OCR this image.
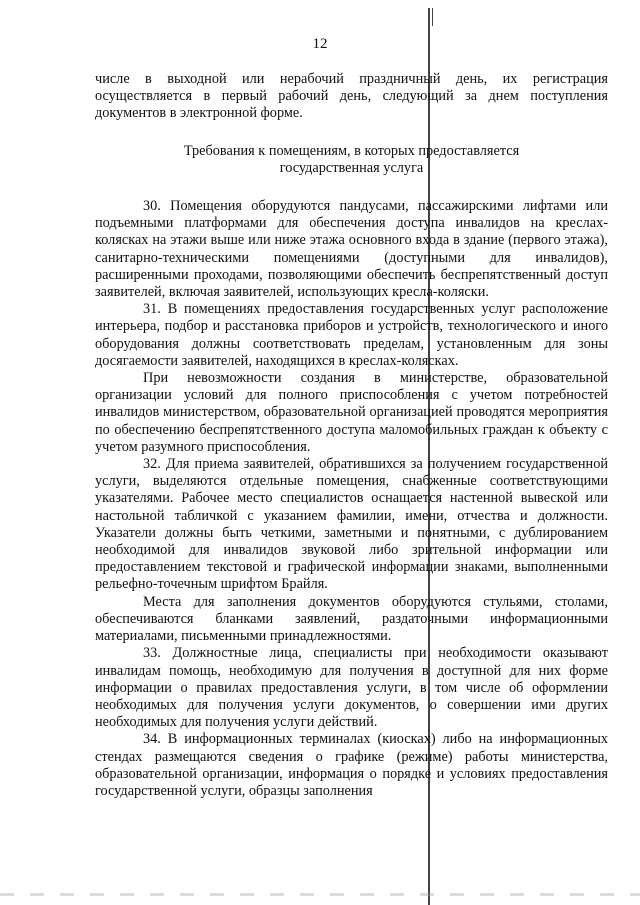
12

числе в выходной или нерабочий праздничный день, их регистрация осуществляется в первый рабочий день, следующий за днем поступления документов в электронной форме.

Требования к помещениям, в которых предоставляется
государственная услуга

30. Помещения оборудуются пандусами, пассажирскими лифтами или подъемными платформами для обеспечения доступа инвалидов на креслах-колясках на этажи выше или ниже этажа основного входа в здание (первого этажа), санитарно-техническими помещениями (доступными для инвалидов), расширенными проходами, позволяющими обеспечить беспрепятственный доступ заявителей, включая заявителей, использующих кресла-коляски.

31. В помещениях предоставления государственных услуг расположение интерьера, подбор и расстановка приборов и устройств, технологического и иного оборудования должны соответствовать пределам, установленным для зоны досягаемости заявителей, находящихся в креслах-колясках.

При невозможности создания в министерстве, образовательной организации условий для полного приспособления с учетом потребностей инвалидов министерством, образовательной организацией проводятся мероприятия по обеспечению беспрепятственного доступа маломобильных граждан к объекту с учетом разумного приспособления.

32. Для приема заявителей, обратившихся за получением государственной услуги, выделяются отдельные помещения, снабженные соответствующими указателями. Рабочее место специалистов оснащается настенной вывеской или настольной табличкой с указанием фамилии, имени, отчества и должности. Указатели должны быть четкими, заметными и понятными, с дублированием необходимой для инвалидов звуковой либо зрительной информации или предоставлением текстовой и графической информации знаками, выполненными рельефно-точечным шрифтом Брайля.

Места для заполнения документов оборудуются стульями, столами, обеспечиваются бланками заявлений, раздаточными информационными материалами, письменными принадлежностями.

33. Должностные лица, специалисты при необходимости оказывают инвалидам помощь, необходимую для получения в доступной для них форме информации о правилах предоставления услуги, в том числе об оформлении необходимых для получения услуги документов, о совершении ими других необходимых для получения услуги действий.

34. В информационных терминалах (киосках) либо на информационных стендах размещаются сведения о графике (режиме) работы министерства, образовательной организации, информация о порядке и условиях предоставления государственной услуги, образцы заполнения
